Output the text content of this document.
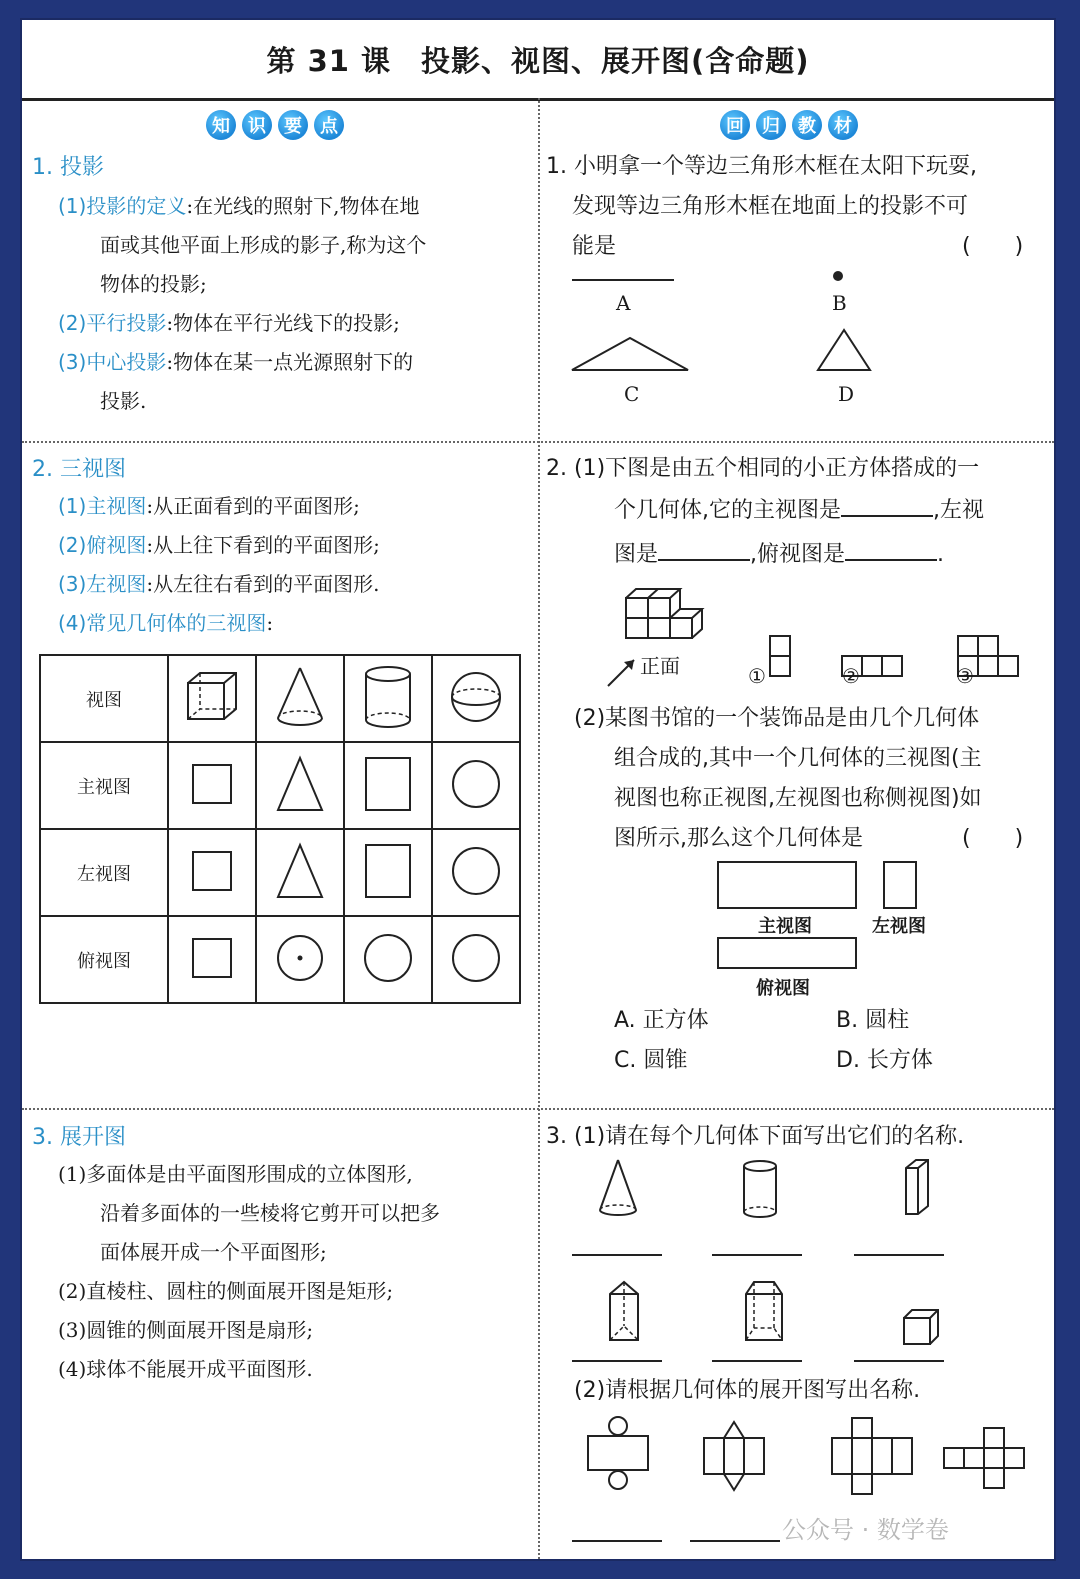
第 31 课　投影、视图、展开图(含命题)
知	识	要	点	回	归	教	材
1. 投影
(1)投影的定义:在光线的照射下,物体在地
面或其他平面上形成的影子,称为这个
物体的投影;
(2)平行投影:物体在平行光线下的投影;
(3)中心投影:物体在某一点光源照射下的
投影.
2. 三视图
(1)主视图:从正面看到的平面图形;
(2)俯视图:从上往下看到的平面图形;
(3)左视图:从左往右看到的平面图形.
(4)常见几何体的三视图:
视图				
主视图				
左视图				
俯视图				
3. 展开图
(1)多面体是由平面图形围成的立体图形,
沿着多面体的一些棱将它剪开可以把多
面体展开成一个平面图形;
(2)直棱柱、圆柱的侧面展开图是矩形;
(3)圆锥的侧面展开图是扇形;
(4)球体不能展开成平面图形.
1. 小明拿一个等边三角形木框在太阳下玩耍,
发现等边三角形木框在地面上的投影不可
能是	(　　)
A	B
C	D
2. (1)下图是由五个相同的小正方体搭成的一
个几何体,它的主视图是	,左视
图是	,俯视图是	.
正面	①	②	③
(2)某图书馆的一个装饰品是由几个几何体
组合成的,其中一个几何体的三视图(主
视图也称正视图,左视图也称侧视图)如
图所示,那么这个几何体是	(　　)
主视图	左视图
俯视图
A. 正方体	B. 圆柱
C. 圆锥	D. 长方体
3. (1)请在每个几何体下面写出它们的名称.
(2)请根据几何体的展开图写出名称.
公众号 · 数学卷
